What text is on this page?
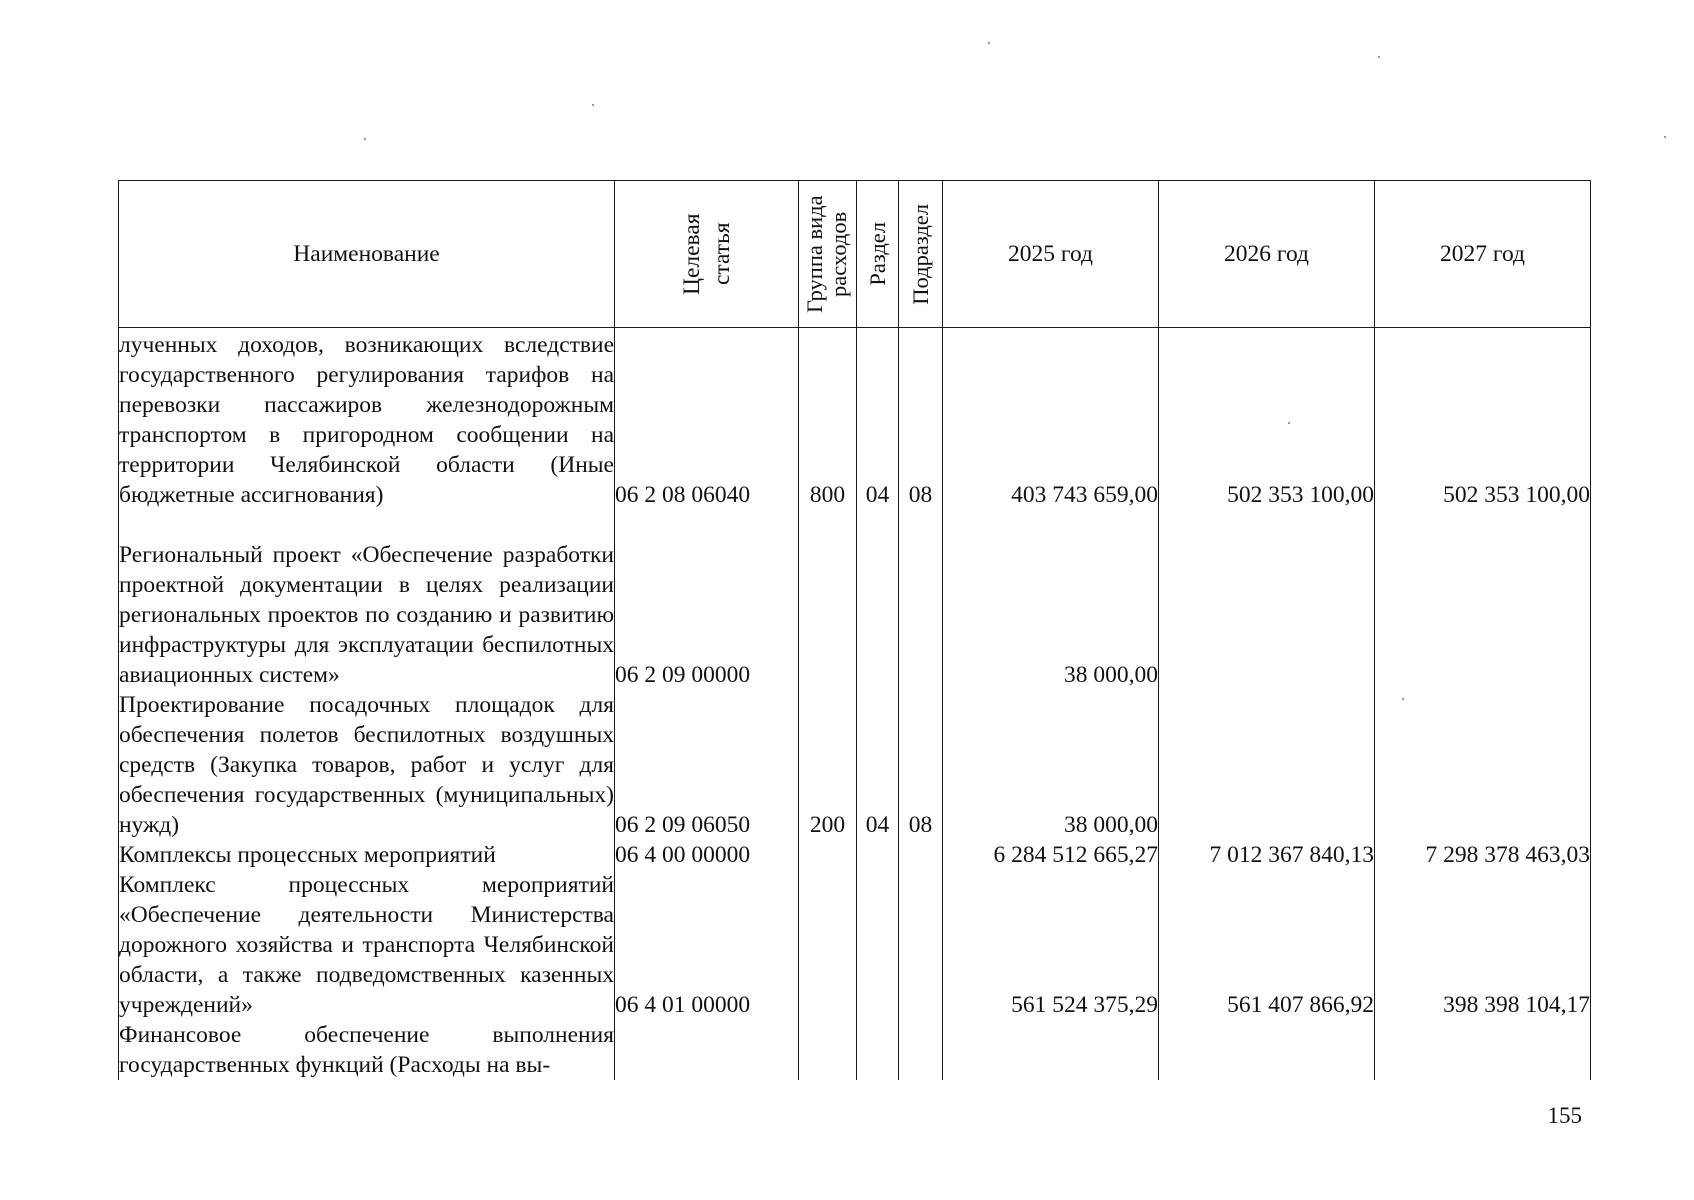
Наименование	Целевая статья	Группа вида расходов	Раздел	Подраздел	2025 год	2026 год	2027 год

лученных доходов, возникающих вследствие государственного регулирования тарифов на перевозки пассажиров железнодорожным транспортом в пригородном сообщении на территории Челябинской области (Иные бюджетные ассигнования)	06 2 08 06040	800	04	08	403 743 659,00	502 353 100,00	502 353 100,00

Региональный проект «Обеспечение разработки проектной документации в целях реализации региональных проектов по созданию и развитию инфраструктуры для эксплуатации беспилотных авиационных систем»	06 2 09 00000				38 000,00		

Проектирование посадочных площадок для обеспечения полетов беспилотных воздушных средств (Закупка товаров, работ и услуг для обеспечения государственных (муниципальных) нужд)	06 2 09 06050	200	04	08	38 000,00		

Комплексы процессных мероприятий	06 4 00 00000				6 284 512 665,27	7 012 367 840,13	7 298 378 463,03

Комплекс процессных мероприятий «Обеспечение деятельности Министерства дорожного хозяйства и транспорта Челябинской области, а также подведомственных казенных учреждений»	06 4 01 00000				561 524 375,29	561 407 866,92	398 398 104,17

Финансовое обеспечение выполнения государственных функций (Расходы на вы-							

155
